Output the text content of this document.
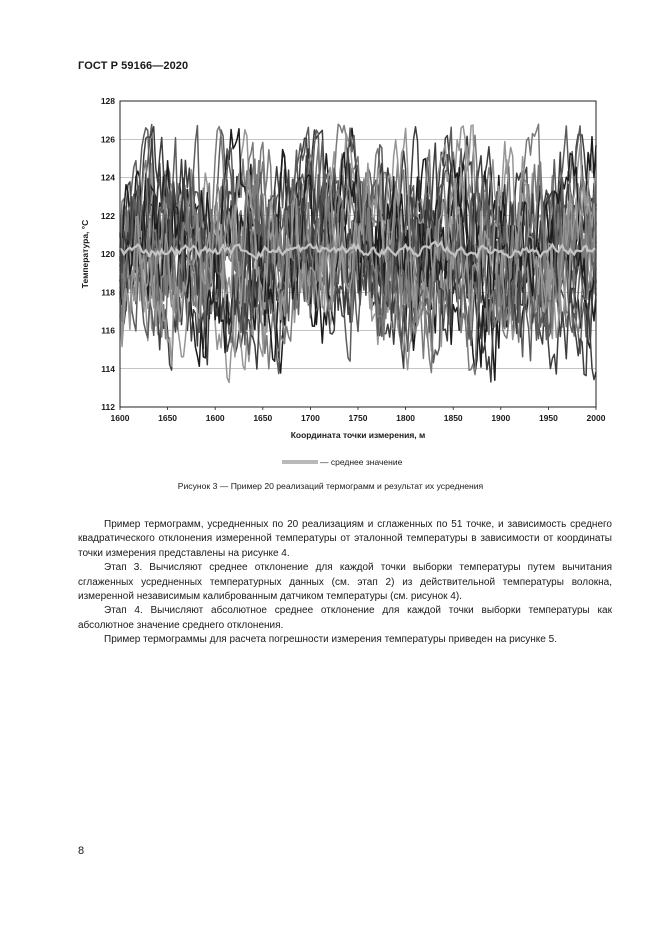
ГОСТ Р 59166—2020
112
114
116
118
120
122
124
126
128
1600	1650	1600	1650	1700	1750	1800	1850	1900	1950	2000
Температура, °С
Координата точки измерения, м
— среднее значение
Рисунок 3 — Пример 20 реализаций термограмм и результат их усреднения

Пример термограмм, усредненных по 20 реализациям и сглаженных по 51 точке, и зависимость среднего квадратического отклонения измеренной температуры от эталонной температуры в зависимости от координаты точки измерения представлены на рисунке 4.

Этап 3. Вычисляют среднее отклонение для каждой точки выборки температуры путем вычитания сглаженных усредненных температурных данных (см. этап 2) из действительной температуры волокна, измеренной независимым калиброванным датчиком температуры (см. рисунок 4).

Этап 4. Вычисляют абсолютное среднее отклонение для каждой точки выборки температуры как абсолютное значение среднего отклонения.

Пример термограммы для расчета погрешности измерения температуры приведен на рисунке 5.

8
